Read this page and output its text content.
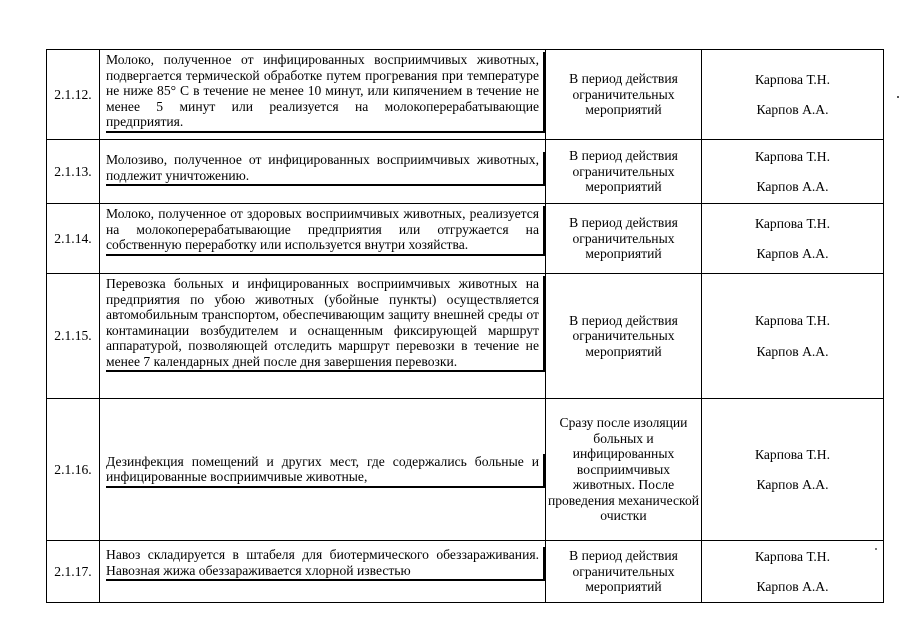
2.1.12.	Молоко, полученное от инфицированных восприимчивых животных, подвергается термической обработке путем прогревания при температуре не ниже 85° С в течение не менее 10 минут, или кипячением в течение не менее 5 минут или реализуется на молокоперерабатывающие предприятия.	В период действия ограничительных мероприятий	Карпова Т.Н.
Карпов А.А.

2.1.13.	Молозиво, полученное от инфицированных восприимчивых животных, подлежит уничтожению.	В период действия ограничительных мероприятий	Карпова Т.Н.
Карпов А.А.

2.1.14.	Молоко, полученное от здоровых восприимчивых животных, реализуется на молокоперерабатывающие предприятия или отгружается на собственную переработку или используется внутри хозяйства.	В период действия ограничительных мероприятий	Карпова Т.Н.
Карпов А.А.

2.1.15.	Перевозка больных и инфицированных восприимчивых животных на предприятия по убою животных (убойные пункты) осуществляется автомобильным транспортом, обеспечивающим защиту внешней среды от контаминации возбудителем и оснащенным фиксирующей маршрут аппаратурой, позволяющей отследить маршрут перевозки в течение не менее 7 календарных дней после дня завершения перевозки.	В период действия ограничительных мероприятий	Карпова Т.Н.
Карпов А.А.

2.1.16.	Дезинфекция помещений и других мест, где содержались больные и инфицированные восприимчивые животные,	Сразу после изоляции больных и инфицированных восприимчивых животных. После проведения механической очистки	Карпова Т.Н.
Карпов А.А.

2.1.17.	Навоз складируется в штабеля для биотермического обеззараживания. Навозная жижа обеззараживается хлорной известью	В период действия ограничительных мероприятий	Карпова Т.Н.
Карпов А.А.
